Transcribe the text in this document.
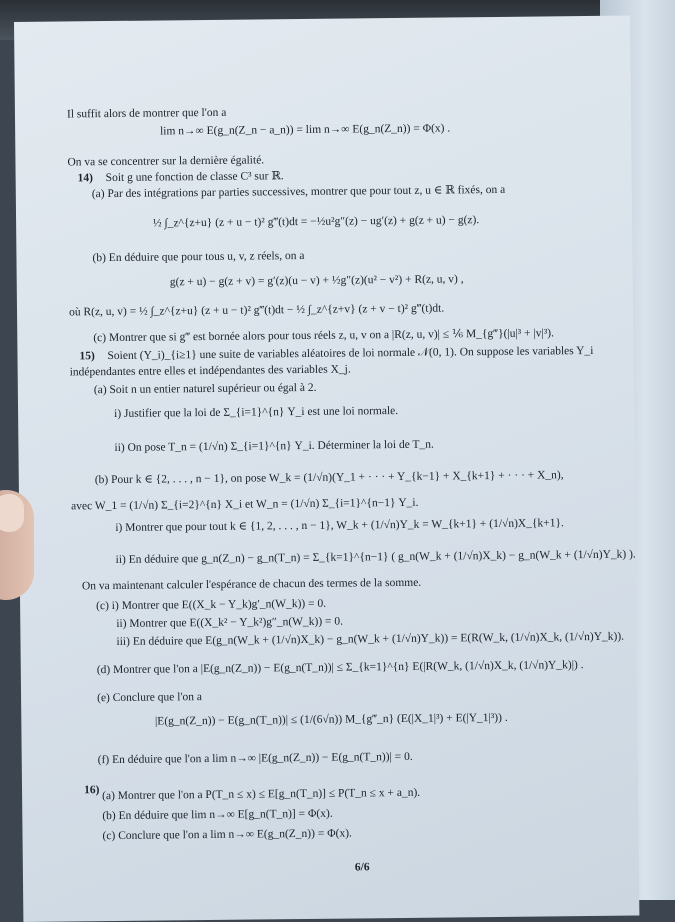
Il suffit alors de montrer que l'on a
lim n→∞ E(g_n(Z_n − a_n)) = lim n→∞ E(g_n(Z_n)) = Φ(x) .
On va se concentrer sur la dernière égalité.
14) Soit g une fonction de classe C³ sur ℝ.
(a) Par des intégrations par parties successives, montrer que pour tout z, u ∈ ℝ fixés, on a
½ ∫_z^{z+u} (z + u − t)² g‴(t)dt = −½u²g″(z) − ug′(z) + g(z + u) − g(z).
(b) En déduire que pour tous u, v, z réels, on a
g(z + u) − g(z + v) = g′(z)(u − v) + ½g″(z)(u² − v²) + R(z, u, v) ,
où R(z, u, v) = ½ ∫_z^{z+u} (z + u − t)² g‴(t)dt − ½ ∫_z^{z+v} (z + v − t)² g‴(t)dt.
(c) Montrer que si g‴ est bornée alors pour tous réels z, u, v on a |R(z, u, v)| ≤ ⅙ M_{g‴}(|u|³ + |v|³).
15) Soient (Y_i)_{i≥1} une suite de variables aléatoires de loi normale 𝒩(0, 1). On suppose les variables Y_i
indépendantes entre elles et indépendantes des variables X_j.
(a) Soit n un entier naturel supérieur ou égal à 2.
i) Justifier que la loi de Σ_{i=1}^{n} Y_i est une loi normale.
ii) On pose T_n = (1/√n) Σ_{i=1}^{n} Y_i. Déterminer la loi de T_n.
(b) Pour k ∈ {2, . . . , n − 1}, on pose W_k = (1/√n)(Y_1 + · · · + Y_{k−1} + X_{k+1} + · · · + X_n),
avec W_1 = (1/√n) Σ_{i=2}^{n} X_i et W_n = (1/√n) Σ_{i=1}^{n−1} Y_i.
i) Montrer que pour tout k ∈ {1, 2, . . . , n − 1}, W_k + (1/√n)Y_k = W_{k+1} + (1/√n)X_{k+1}.
ii) En déduire que g_n(Z_n) − g_n(T_n) = Σ_{k=1}^{n−1} ( g_n(W_k + (1/√n)X_k) − g_n(W_k + (1/√n)Y_k) ).
On va maintenant calculer l'espérance de chacun des termes de la somme.
(c) i) Montrer que E((X_k − Y_k)g′_n(W_k)) = 0.
ii) Montrer que E((X_k² − Y_k²)g″_n(W_k)) = 0.
iii) En déduire que E(g_n(W_k + (1/√n)X_k) − g_n(W_k + (1/√n)Y_k)) = E(R(W_k, (1/√n)X_k, (1/√n)Y_k)).
(d) Montrer que l'on a |E(g_n(Z_n)) − E(g_n(T_n))| ≤ Σ_{k=1}^{n} E(|R(W_k, (1/√n)X_k, (1/√n)Y_k)|) .
(e) Conclure que l'on a
|E(g_n(Z_n)) − E(g_n(T_n))| ≤ (1/(6√n)) M_{g‴_n} (E(|X_1|³) + E(|Y_1|³)) .
(f) En déduire que l'on a lim n→∞ |E(g_n(Z_n)) − E(g_n(T_n))| = 0.
16) (a) Montrer que l'on a P(T_n ≤ x) ≤ E[g_n(T_n)] ≤ P(T_n ≤ x + a_n).
(b) En déduire que lim n→∞ E[g_n(T_n)] = Φ(x).
(c) Conclure que l'on a lim n→∞ E(g_n(Z_n)) = Φ(x).
6/6
